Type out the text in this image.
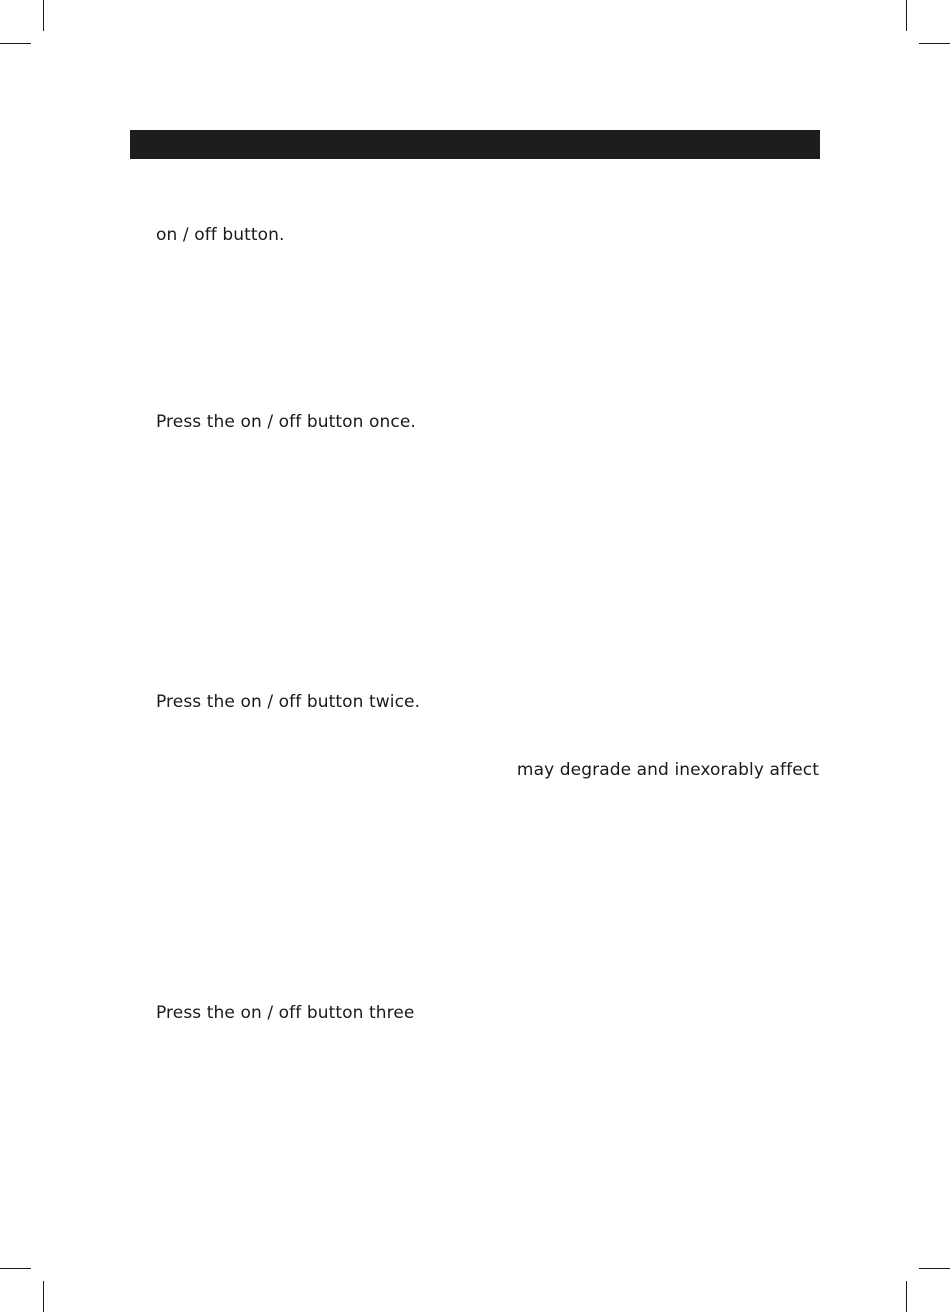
on / off button.
Press the on / off button once.
Press the on / off button twice.
may degrade and inexorably affect
Press the on / off button three
